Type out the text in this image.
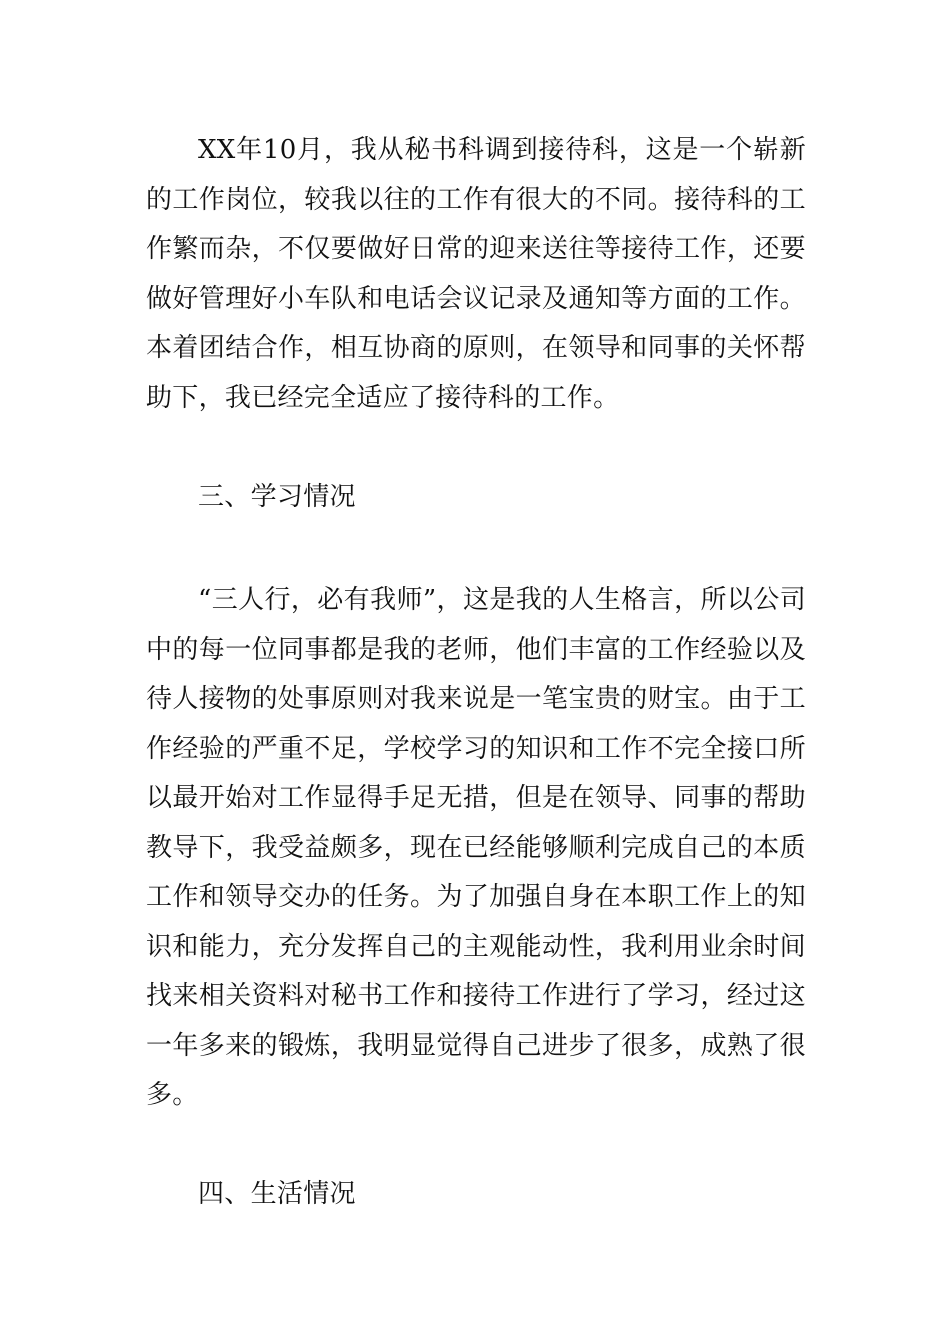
XX年10月，我从秘书科调到接待科，这是一个崭新的工作岗位，较我以往的工作有很大的不同。接待科的工作繁而杂，不仅要做好日常的迎来送往等接待工作，还要做好管理好小车队和电话会议记录及通知等方面的工作。本着团结合作，相互协商的原则，在领导和同事的关怀帮助下，我已经完全适应了接待科的工作。

三、学习情况

“三人行，必有我师”，这是我的人生格言，所以公司中的每一位同事都是我的老师，他们丰富的工作经验以及待人接物的处事原则对我来说是一笔宝贵的财宝。由于工作经验的严重不足，学校学习的知识和工作不完全接口所以最开始对工作显得手足无措，但是在领导、同事的帮助教导下，我受益颇多，现在已经能够顺利完成自己的本质工作和领导交办的任务。为了加强自身在本职工作上的知识和能力，充分发挥自己的主观能动性，我利用业余时间找来相关资料对秘书工作和接待工作进行了学习，经过这一年多来的锻炼，我明显觉得自己进步了很多，成熟了很多。

四、生活情况
